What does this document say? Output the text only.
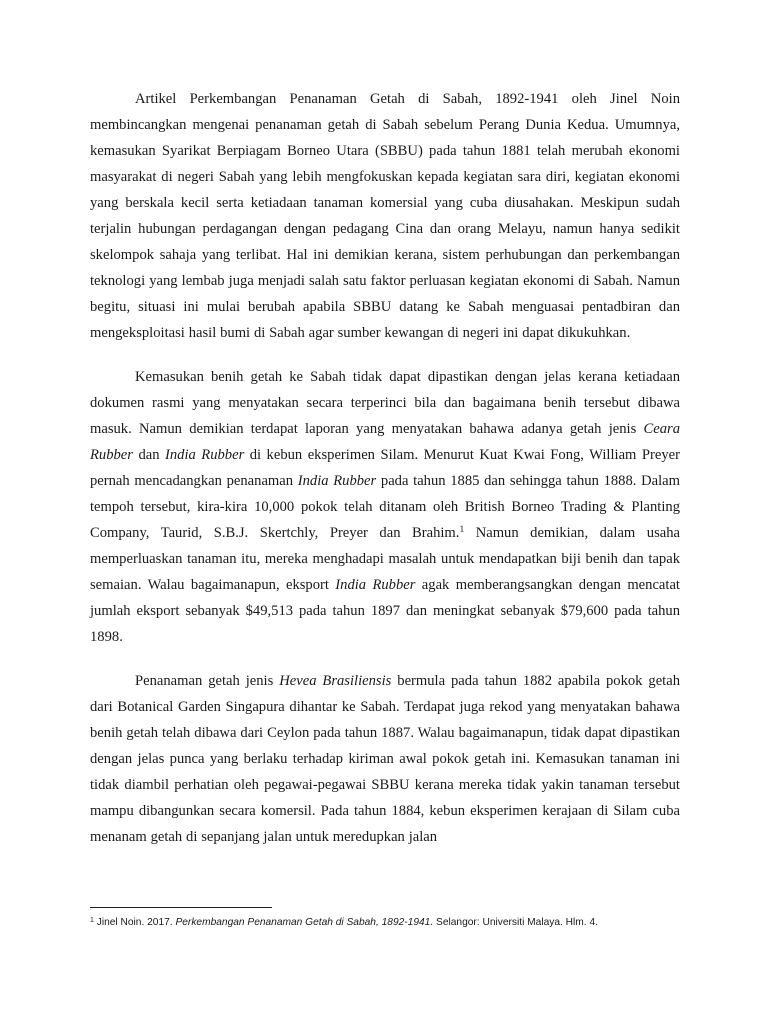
Artikel Perkembangan Penanaman Getah di Sabah, 1892-1941 oleh Jinel Noin membincangkan mengenai penanaman getah di Sabah sebelum Perang Dunia Kedua. Umumnya, kemasukan Syarikat Berpiagam Borneo Utara (SBBU) pada tahun 1881 telah merubah ekonomi masyarakat di negeri Sabah yang lebih mengfokuskan kepada kegiatan sara diri, kegiatan ekonomi yang berskala kecil serta ketiadaan tanaman komersial yang cuba diusahakan. Meskipun sudah terjalin hubungan perdagangan dengan pedagang Cina dan orang Melayu, namun hanya sedikit skelompok sahaja yang terlibat. Hal ini demikian kerana, sistem perhubungan dan perkembangan teknologi yang lembab juga menjadi salah satu faktor perluasan kegiatan ekonomi di Sabah. Namun begitu, situasi ini mulai berubah apabila SBBU datang ke Sabah menguasai pentadbiran dan mengeksploitasi hasil bumi di Sabah agar sumber kewangan di negeri ini dapat dikukuhkan.

Kemasukan benih getah ke Sabah tidak dapat dipastikan dengan jelas kerana ketiadaan dokumen rasmi yang menyatakan secara terperinci bila dan bagaimana benih tersebut dibawa masuk. Namun demikian terdapat laporan yang menyatakan bahawa adanya getah jenis Ceara Rubber dan India Rubber di kebun eksperimen Silam. Menurut Kuat Kwai Fong, William Preyer pernah mencadangkan penanaman India Rubber pada tahun 1885 dan sehingga tahun 1888. Dalam tempoh tersebut, kira-kira 10,000 pokok telah ditanam oleh British Borneo Trading & Planting Company, Taurid, S.B.J. Skertchly, Preyer dan Brahim.$^1$ Namun demikian, dalam usaha memperluaskan tanaman itu, mereka menghadapi masalah untuk mendapatkan biji benih dan tapak semaian. Walau bagaimanapun, eksport India Rubber agak memberangsangkan dengan mencatat jumlah eksport sebanyak $49,513 pada tahun 1897 dan meningkat sebanyak $79,600 pada tahun 1898.

Penanaman getah jenis Hevea Brasiliensis bermula pada tahun 1882 apabila pokok getah dari Botanical Garden Singapura dihantar ke Sabah. Terdapat juga rekod yang menyatakan bahawa benih getah telah dibawa dari Ceylon pada tahun 1887. Walau bagaimanapun, tidak dapat dipastikan dengan jelas punca yang berlaku terhadap kiriman awal pokok getah ini. Kemasukan tanaman ini tidak diambil perhatian oleh pegawai-pegawai SBBU kerana mereka tidak yakin tanaman tersebut mampu dibangunkan secara komersil. Pada tahun 1884, kebun eksperimen kerajaan di Silam cuba menanam getah di sepanjang jalan untuk meredupkan jalan

$^1$ Jinel Noin. 2017. Perkembangan Penanaman Getah di Sabah, 1892-1941. Selangor: Universiti Malaya. Hlm. 4.
